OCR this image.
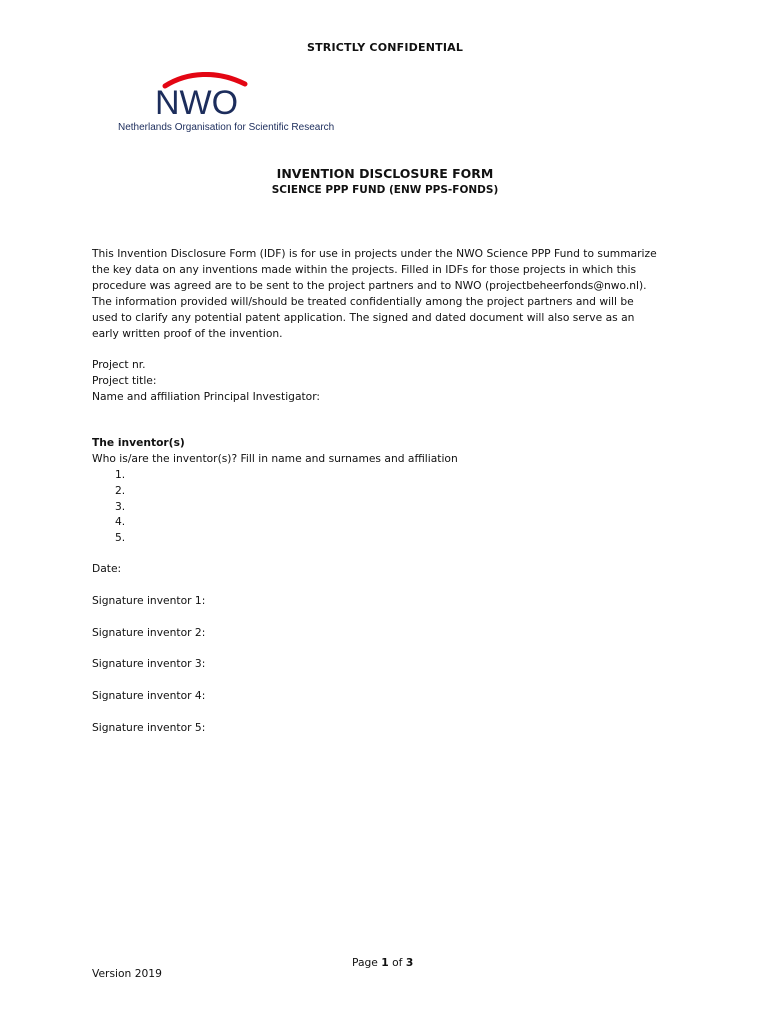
STRICTLY CONFIDENTIAL
NWO
Netherlands Organisation for Scientific Research
INVENTION DISCLOSURE FORM
SCIENCE PPP FUND (ENW PPS-FONDS)

This Invention Disclosure Form (IDF) is for use in projects under the NWO Science PPP Fund to summarize

the key data on any inventions made within the projects. Filled in IDFs for those projects in which this

procedure was agreed are to be sent to the project partners and to NWO (projectbeheerfonds@nwo.nl).

The information provided will/should be treated confidentially among the project partners and will be

used to clarify any potential patent application. The signed and dated document will also serve as an

early written proof of the invention.

Project nr.
Project title:
Name and affiliation Principal Investigator:
The inventor(s)
Who is/are the inventor(s)? Fill in name and surnames and affiliation
1.
2.
3.
4.
5.
Date:
Signature inventor 1:
Signature inventor 2:
Signature inventor 3:
Signature inventor 4:
Signature inventor 5:
Page 1 of 3
Version 2019
